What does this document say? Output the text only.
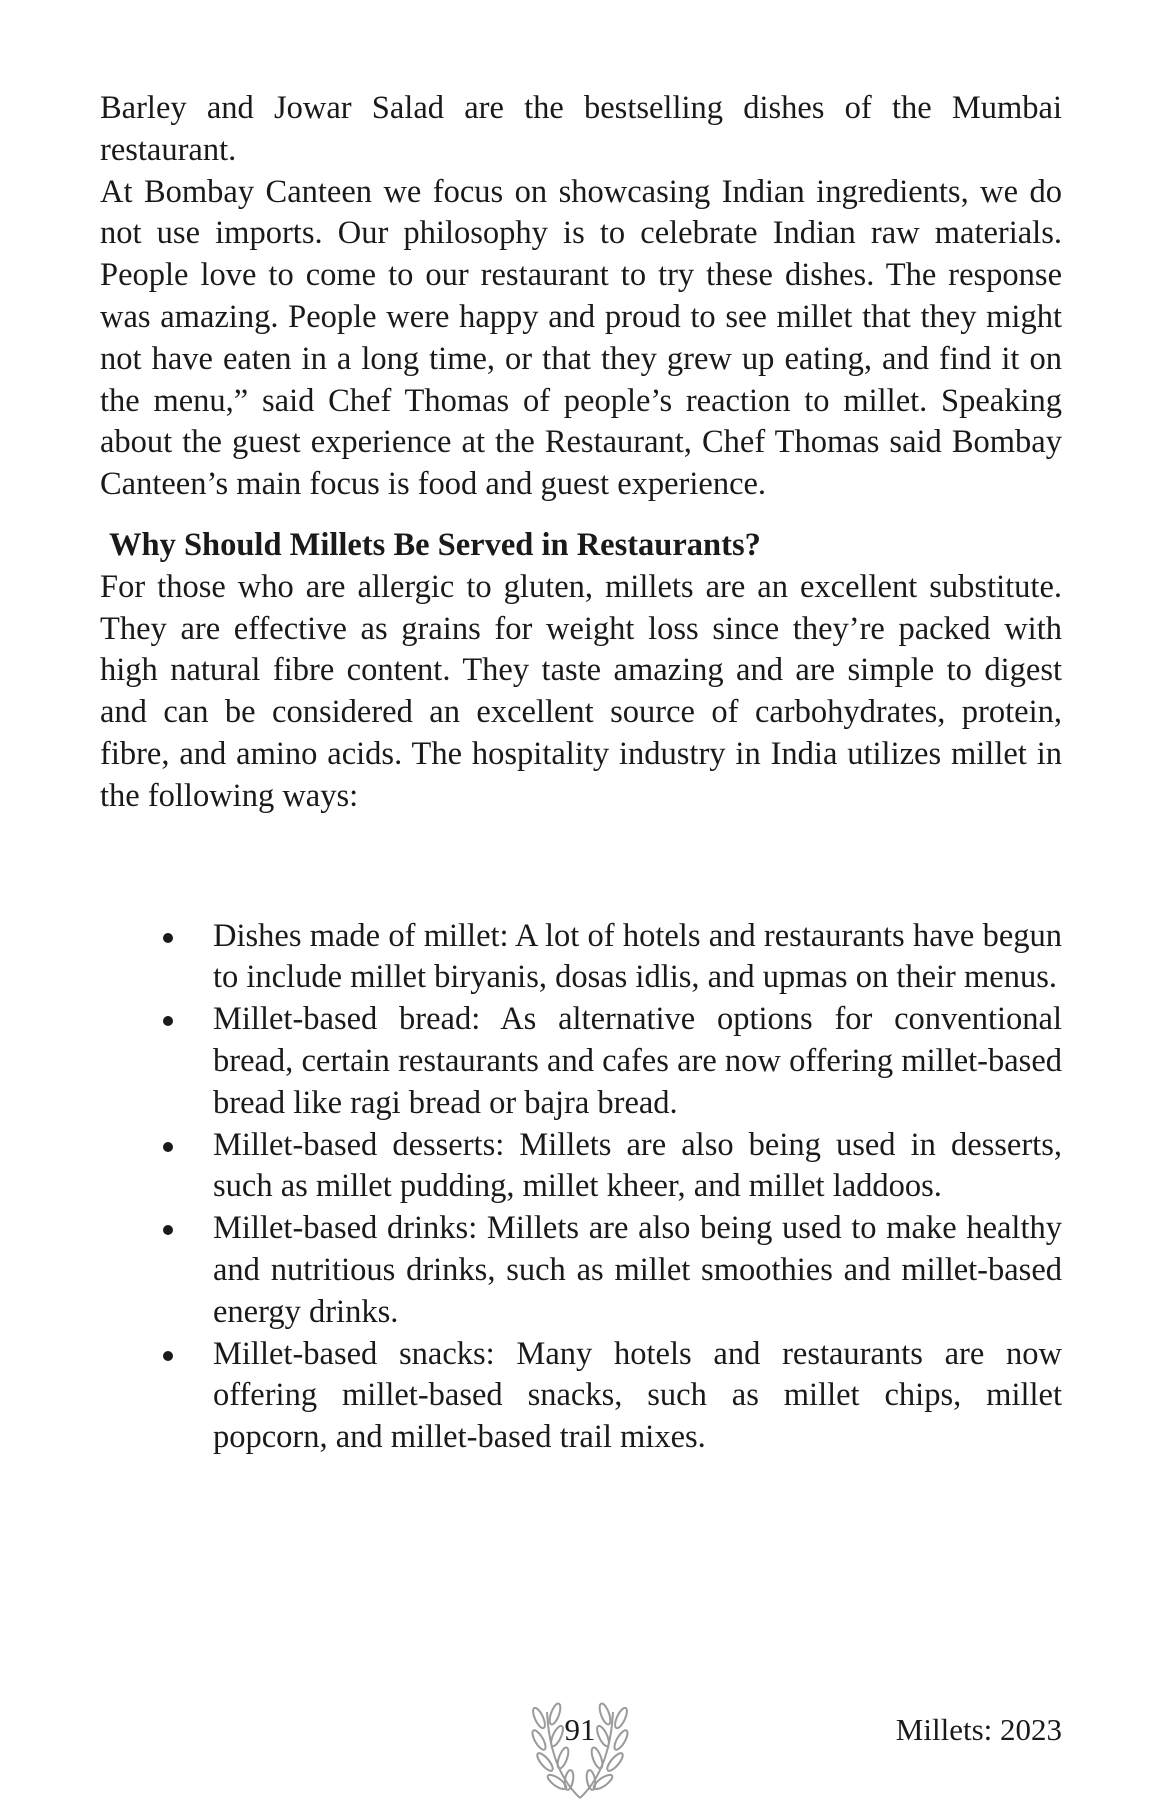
Barley and Jowar Salad are the bestselling dishes of the Mumbai restaurant.

At Bombay Canteen we focus on showcasing Indian ingredients, we do not use imports. Our philosophy is to celebrate Indian raw materials. People love to come to our restaurant to try these dishes. The response was amazing. People were happy and proud to see millet that they might not have eaten in a long time, or that they grew up eating, and find it on the menu,” said Chef Thomas of people’s reaction to millet. Speaking about the guest experience at the Restaurant, Chef Thomas said Bombay Canteen’s main focus is food and guest experience.

Why Should Millets Be Served in Restaurants?

For those who are allergic to gluten, millets are an excellent substitute. They are effective as grains for weight loss since they’re packed with high natural fibre content. They taste amazing and are simple to digest and can be considered an excellent source of carbohydrates, protein, fibre, and amino acids. The hospitality industry in India utilizes millet in the following ways:

Dishes made of millet: A lot of hotels and restaurants have begun to include millet biryanis, dosas idlis, and upmas on their menus.
Millet-based bread: As alternative options for conventional bread, certain restaurants and cafes are now offering millet-based bread like ragi bread or bajra bread.
Millet-based desserts: Millets are also being used in desserts, such as millet pudding, millet kheer, and millet laddoos.
Millet-based drinks: Millets are also being used to make healthy and nutritious drinks, such as millet smoothies and millet-based energy drinks.
Millet-based snacks: Many hotels and restaurants are now offering millet-based snacks, such as millet chips, millet popcorn, and millet-based trail mixes.
91	Millets: 2023
